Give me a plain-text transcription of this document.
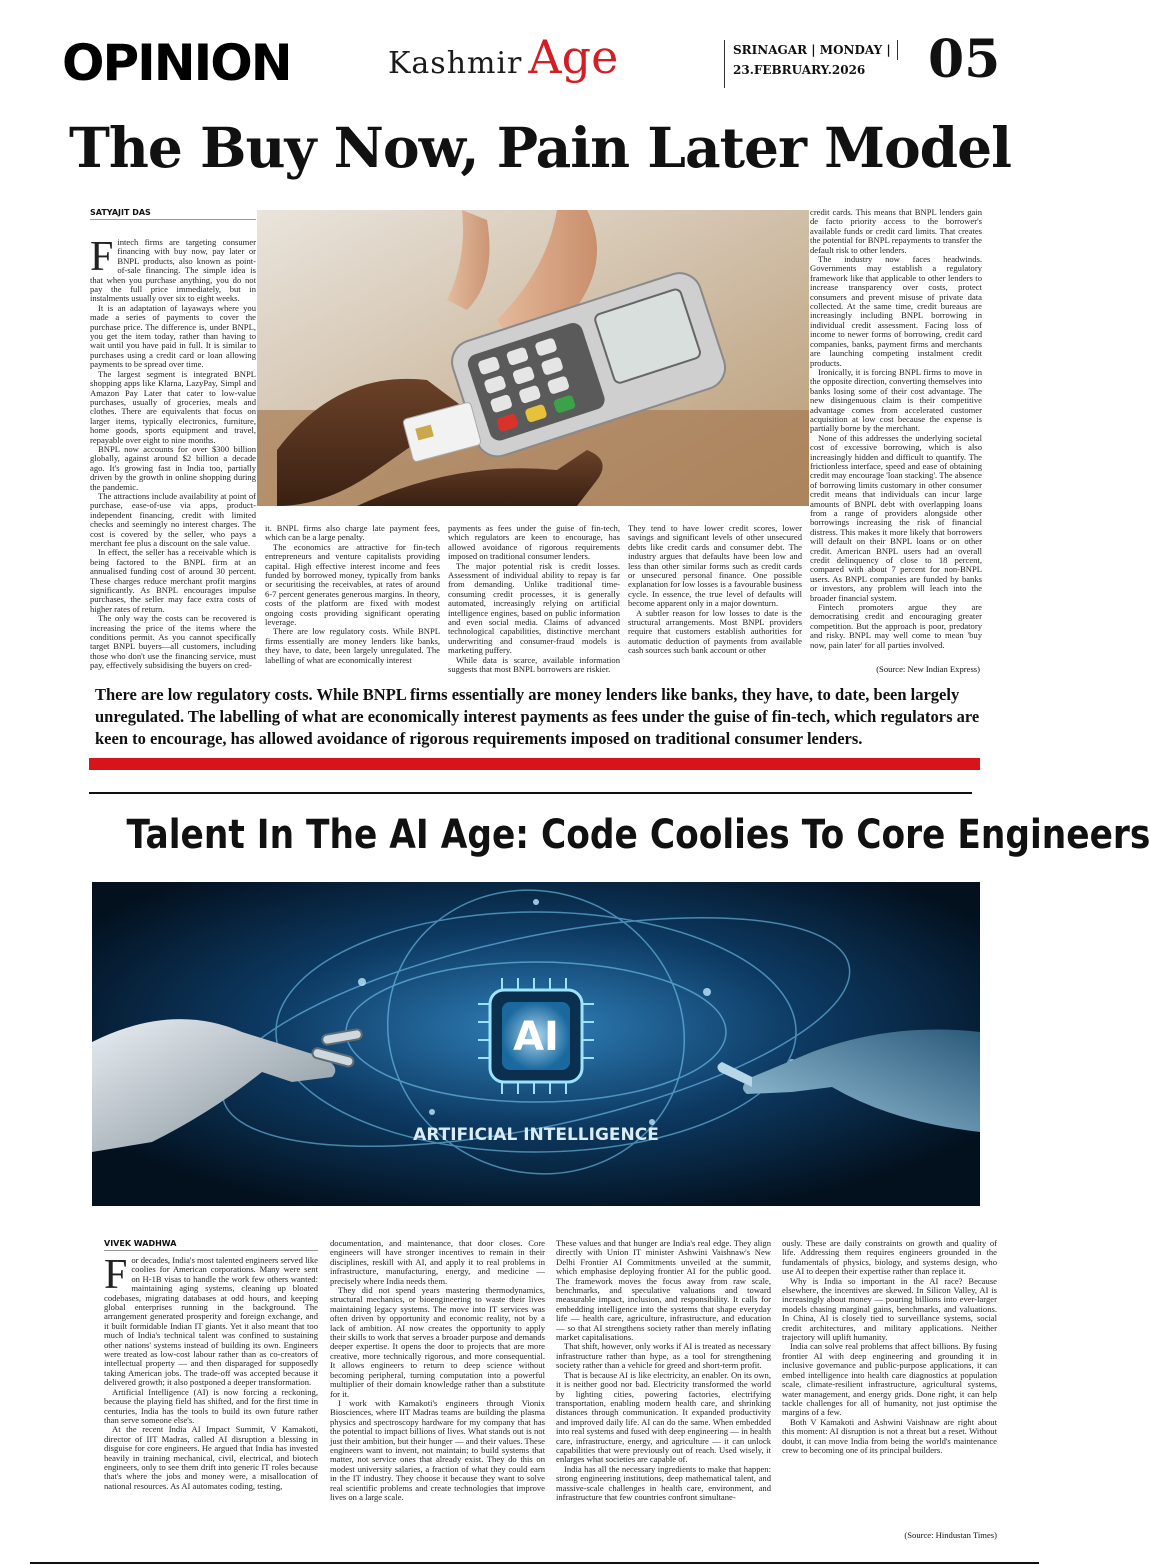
OPINION	Kashmir Age	SRINAGAR | MONDAY |
23.FEBRUARY.2026	05
The Buy Now, Pain Later Model
SATYAJIT DAS
F intech firms are targeting consumer financing with buy now, pay later or BNPL products, also known as point-of-sale financing. The simple idea is that when you purchase anything, you do not pay the full price immediately, but in instalments usually over six to eight weeks.

It is an adaptation of layaways where you made a series of payments to cover the purchase price. The difference is, under BNPL, you get the item today, rather than having to wait until you have paid in full. It is similar to purchases using a credit card or loan allowing payments to be spread over time.

The largest segment is integrated BNPL shopping apps like Klarna, LazyPay, Simpl and Amazon Pay Later that cater to low-value purchases, usually of groceries, meals and clothes. There are equivalents that focus on larger items, typically electronics, furniture, home goods, sports equipment and travel, repayable over eight to nine months.

BNPL now accounts for over $300 billion globally, against around $2 billion a decade ago. It's growing fast in India too, partially driven by the growth in online shopping during the pandemic.

The attractions include availability at point of purchase, ease-of-use via apps, product-independent financing, credit with limited checks and seemingly no interest charges. The cost is covered by the seller, who pays a merchant fee plus a discount on the sale value.

In effect, the seller has a receivable which is being factored to the BNPL firm at an annualised funding cost of around 30 percent. These charges reduce merchant profit margins significantly. As BNPL encourages impulse purchases, the seller may face extra costs of higher rates of return.

The only way the costs can be recovered is increasing the price of the items where the conditions permit. As you cannot specifically target BNPL buyers—all customers, including those who don't use the financing service, must pay, effectively subsidising the buyers on cred-

it. BNPL firms also charge late payment fees, which can be a large penalty.

The economics are attractive for fin-tech entrepreneurs and venture capitalists providing capital. High effective interest income and fees funded by borrowed money, typically from banks or securitising the receivables, at rates of around 6-7 percent generates generous margins. In theory, costs of the platform are fixed with modest ongoing costs providing significant operating leverage.

There are low regulatory costs. While BNPL firms essentially are money lenders like banks, they have, to date, been largely unregulated. The labelling of what are economically interest

payments as fees under the guise of fin-tech, which regulators are keen to encourage, has allowed avoidance of rigorous requirements imposed on traditional consumer lenders.

The major potential risk is credit losses. Assessment of individual ability to repay is far from demanding. Unlike traditional time-consuming credit processes, it is generally automated, increasingly relying on artificial intelligence engines, based on public information and even social media. Claims of advanced technological capabilities, distinctive merchant underwriting and consumer-fraud models is marketing puffery.

While data is scarce, available information suggests that most BNPL borrowers are riskier.

They tend to have lower credit scores, lower savings and significant levels of other unsecured debts like credit cards and consumer debt. The industry argues that defaults have been low and less than other similar forms such as credit cards or unsecured personal finance. One possible explanation for low losses is a favourable business cycle. In essence, the true level of defaults will become apparent only in a major downturn.

A subtler reason for low losses to date is the structural arrangements. Most BNPL providers require that customers establish authorities for automatic deduction of payments from available cash sources such bank account or other

credit cards. This means that BNPL lenders gain de facto priority access to the borrower's available funds or credit card limits. That creates the potential for BNPL repayments to transfer the default risk to other lenders.

The industry now faces headwinds. Governments may establish a regulatory framework like that applicable to other lenders to increase transparency over costs, protect consumers and prevent misuse of private data collected. At the same time, credit bureaus are increasingly including BNPL borrowing in individual credit assessment. Facing loss of income to newer forms of borrowing, credit card companies, banks, payment firms and merchants are launching competing instalment credit products.

Ironically, it is forcing BNPL firms to move in the opposite direction, converting themselves into banks losing some of their cost advantage. The new disingenuous claim is their competitive advantage comes from accelerated customer acquisition at low cost because the expense is partially borne by the merchant.

None of this addresses the underlying societal cost of excessive borrowing, which is also increasingly hidden and difficult to quantify. The frictionless interface, speed and ease of obtaining credit may encourage 'loan stacking'. The absence of borrowing limits customary in other consumer credit means that individuals can incur large amounts of BNPL debt with overlapping loans from a range of providers alongside other borrowings increasing the risk of financial distress. This makes it more likely that borrowers will default on their BNPL loans or on other credit. American BNPL users had an overall credit delinquency of close to 18 percent, compared with about 7 percent for non-BNPL users. As BNPL companies are funded by banks or investors, any problem will leach into the broader financial system.

Fintech promoters argue they are democratising credit and encouraging greater competition. But the approach is poor, predatory and risky. BNPL may well come to mean 'buy now, pain later' for all parties involved.

(Source: New Indian Express)
There are low regulatory costs. While BNPL firms essentially are money lenders like banks, they have, to date, been largely unregulated. The labelling of what are economically interest payments as fees under the guise of fin-tech, which regulators are keen to encourage, has allowed avoidance of rigorous requirements imposed on traditional consumer lenders.
Talent In The AI Age: Code Coolies To Core Engineers
AI
ARTIFICIAL INTELLIGENCE
VIVEK WADHWA
F or decades, India's most talented engineers served like coolies for American corporations. Many were sent on H-1B visas to handle the work few others wanted: maintaining aging systems, cleaning up bloated codebases, migrating databases at odd hours, and keeping global enterprises running in the background. The arrangement generated prosperity and foreign exchange, and it built formidable Indian IT giants. Yet it also meant that too much of India's technical talent was confined to sustaining other nations' systems instead of building its own. Engineers were treated as low-cost labour rather than as co-creators of intellectual property — and then disparaged for supposedly taking American jobs. The trade-off was accepted because it delivered growth; it also postponed a deeper transformation.

Artificial Intelligence (AI) is now forcing a reckoning, because the playing field has shifted, and for the first time in centuries, India has the tools to build its own future rather than serve someone else's.

At the recent India AI Impact Summit, V Kamakoti, director of IIT Madras, called AI disruption a blessing in disguise for core engineers. He argued that India has invested heavily in training mechanical, civil, electrical, and biotech engineers, only to see them drift into generic IT roles because that's where the jobs and money were, a misallocation of national resources. As AI automates coding, testing,

documentation, and maintenance, that door closes. Core engineers will have stronger incentives to remain in their disciplines, reskill with AI, and apply it to real problems in infrastructure, manufacturing, energy, and medicine — precisely where India needs them.

They did not spend years mastering thermodynamics, structural mechanics, or bioengineering to waste their lives maintaining legacy systems. The move into IT services was often driven by opportunity and economic reality, not by a lack of ambition. AI now creates the opportunity to apply their skills to work that serves a broader purpose and demands deeper expertise. It opens the door to projects that are more creative, more technically rigorous, and more consequential. It allows engineers to return to deep science without becoming peripheral, turning computation into a powerful multiplier of their domain knowledge rather than a substitute for it.

I work with Kamakoti's engineers through Vionix Biosciences, where IIT Madras teams are building the plasma physics and spectroscopy hardware for my company that has the potential to impact billions of lives. What stands out is not just their ambition, but their hunger — and their values. These engineers want to invent, not maintain; to build systems that matter, not service ones that already exist. They do this on modest university salaries, a fraction of what they could earn in the IT industry. They choose it because they want to solve real scientific problems and create technologies that improve lives on a large scale.

These values and that hunger are India's real edge. They align directly with Union IT minister Ashwini Vaishnaw's New Delhi Frontier AI Commitments unveiled at the summit, which emphasise deploying frontier AI for the public good. The framework moves the focus away from raw scale, benchmarks, and speculative valuations and toward measurable impact, inclusion, and responsibility. It calls for embedding intelligence into the systems that shape everyday life — health care, agriculture, infrastructure, and education — so that AI strengthens society rather than merely inflating market capitalisations.

That shift, however, only works if AI is treated as necessary infrastructure rather than hype, as a tool for strengthening society rather than a vehicle for greed and short-term profit.

That is because AI is like electricity, an enabler. On its own, it is neither good nor bad. Electricity transformed the world by lighting cities, powering factories, electrifying transportation, enabling modern health care, and shrinking distances through communication. It expanded productivity and improved daily life. AI can do the same. When embedded into real systems and fused with deep engineering — in health care, infrastructure, energy, and agriculture — it can unlock capabilities that were previously out of reach. Used wisely, it enlarges what societies are capable of.

India has all the necessary ingredients to make that happen: strong engineering institutions, deep mathematical talent, and massive-scale challenges in health care, environment, and infrastructure that few countries confront simultane-

ously. These are daily constraints on growth and quality of life. Addressing them requires engineers grounded in the fundamentals of physics, biology, and systems design, who use AI to deepen their expertise rather than replace it.

Why is India so important in the AI race? Because elsewhere, the incentives are skewed. In Silicon Valley, AI is increasingly about money — pouring billions into ever-larger models chasing marginal gains, benchmarks, and valuations. In China, AI is closely tied to surveillance systems, social credit architectures, and military applications. Neither trajectory will uplift humanity.

India can solve real problems that affect billions. By fusing frontier AI with deep engineering and grounding it in inclusive governance and public-purpose applications, it can embed intelligence into health care diagnostics at population scale, climate-resilient infrastructure, agricultural systems, water management, and energy grids. Done right, it can help tackle challenges for all of humanity, not just optimise the margins of a few.

Both V Kamakoti and Ashwini Vaishnaw are right about this moment: AI disruption is not a threat but a reset. Without doubt, it can move India from being the world's maintenance crew to becoming one of its principal builders.

(Source: Hindustan Times)
